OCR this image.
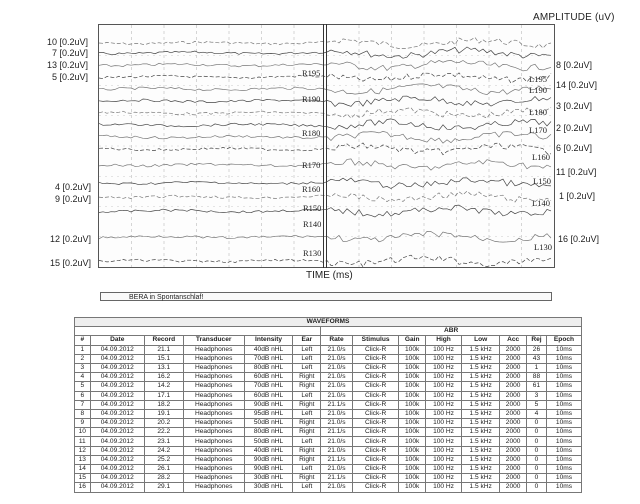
AMPLITUDE (uV)
10 [0.2uV]
7 [0.2uV]
13 [0.2uV]
5 [0.2uV]
4 [0.2uV]
9 [0.2uV]
12 [0.2uV]
15 [0.2uV]
8 [0.2uV]
14 [0.2uV]
3 [0.2uV]
2 [0.2uV]
6 [0.2uV]
11 [0.2uV]
1 [0.2uV]
16 [0.2uV]
R195
R190
R180
R170
R160
R150
R140
R130
L195
L190
L180
L170
L160
L150
L140
L130
TIME (ms)
BERA in Spontanschlaf!
WAVEFORMS													
						ABR							
#	Date	Record	Transducer	Intensity	Ear	Rate	Stimulus	Gain	High	Low	Acc	Rej	Epoch
1	04.09.2012	21.1	Headphones	40dB nHL	Left	21.0/s	Click-R	100k	100 Hz	1.5 kHz	2000	26	10ms
2	04.09.2012	15.1	Headphones	70dB nHL	Left	21.0/s	Click-R	100k	100 Hz	1.5 kHz	2000	43	10ms
3	04.09.2012	13.1	Headphones	80dB nHL	Left	21.0/s	Click-R	100k	100 Hz	1.5 kHz	2000	1	10ms
4	04.09.2012	16.2	Headphones	60dB nHL	Right	21.0/s	Click-R	100k	100 Hz	1.5 kHz	2000	88	10ms
5	04.09.2012	14.2	Headphones	70dB nHL	Right	21.0/s	Click-R	100k	100 Hz	1.5 kHz	2000	61	10ms
6	04.09.2012	17.1	Headphones	60dB nHL	Left	21.0/s	Click-R	100k	100 Hz	1.5 kHz	2000	3	10ms
7	04.09.2012	18.2	Headphones	90dB nHL	Right	21.1/s	Click-R	100k	100 Hz	1.5 kHz	2000	5	10ms
8	04.09.2012	19.1	Headphones	95dB nHL	Left	21.0/s	Click-R	100k	100 Hz	1.5 kHz	2000	4	10ms
9	04.09.2012	20.2	Headphones	50dB nHL	Right	21.0/s	Click-R	100k	100 Hz	1.5 kHz	2000	0	10ms
10	04.09.2012	22.2	Headphones	80dB nHL	Right	21.1/s	Click-R	100k	100 Hz	1.5 kHz	2000	0	10ms
11	04.09.2012	23.1	Headphones	50dB nHL	Left	21.0/s	Click-R	100k	100 Hz	1.5 kHz	2000	0	10ms
12	04.09.2012	24.2	Headphones	40dB nHL	Right	21.0/s	Click-R	100k	100 Hz	1.5 kHz	2000	0	10ms
13	04.09.2012	25.2	Headphones	90dB nHL	Right	21.1/s	Click-R	100k	100 Hz	1.5 kHz	2000	0	10ms
14	04.09.2012	26.1	Headphones	90dB nHL	Left	21.0/s	Click-R	100k	100 Hz	1.5 kHz	2000	0	10ms
15	04.09.2012	28.2	Headphones	30dB nHL	Right	21.1/s	Click-R	100k	100 Hz	1.5 kHz	2000	0	10ms
16	04.09.2012	29.1	Headphones	30dB nHL	Left	21.0/s	Click-R	100k	100 Hz	1.5 kHz	2000	0	10ms
